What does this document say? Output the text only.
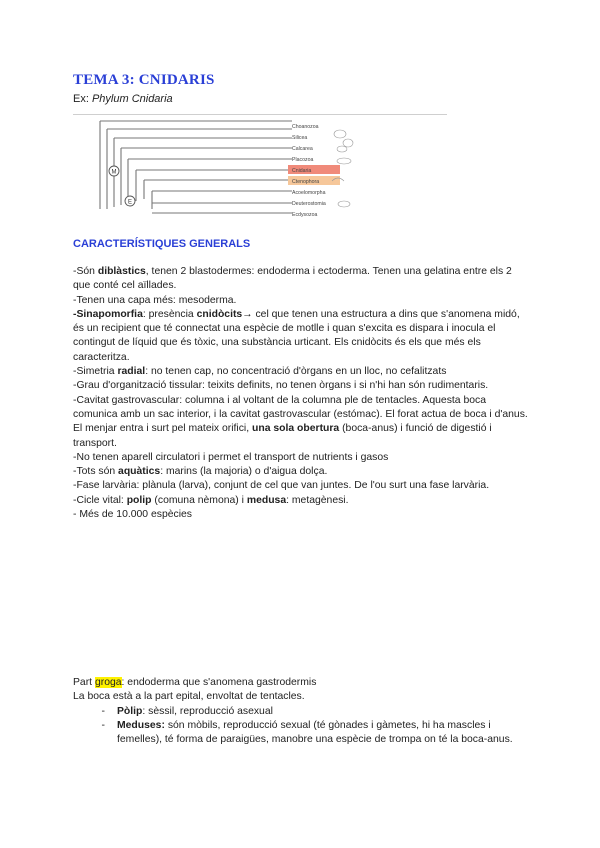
TEMA 3: CNIDARIS
Ex: Phylum Cnidaria
M
E
Choanozoa
Silicea
Calcarea
Placozoa
Cnidaria
Ctenophora
Acoelomorpha
Deuterostomia
Ecdysozoa
CARACTERÍSTIQUES GENERALS

-Són diblàstics, tenen 2 blastodermes: endoderma i ectoderma. Tenen una gelatina entre els 2 que conté cel aïllades.

-Tenen una capa més: mesoderma.

-Sinapomorfia: presència cnidòcits→ cel que tenen una estructura a dins que s'anomena midó, és un recipient que té connectat una espècie de motlle i quan s'excita es dispara i inocula el contingut de líquid que és tòxic, una substància urticant. Els cnidòcits és els que més els caracteritza.

-Simetria radial: no tenen cap, no concentració d'òrgans en un lloc, no cefalitzats

-Grau d'organització tissular: teixits definits, no tenen òrgans i si n'hi han són rudimentaris.

-Cavitat gastrovascular: columna i al voltant de la columna ple de tentacles. Aquesta boca comunica amb un sac interior, i la cavitat gastrovascular (estómac). El forat actua de boca i d'anus. El menjar entra i surt pel mateix orifici, una sola obertura (boca-anus) i funció de digestió i transport.

-No tenen aparell circulatori i permet el transport de nutrients i gasos

-Tots són aquàtics: marins (la majoria) o d'aigua dolça.

-Fase larvària: plànula (larva), conjunt de cel que van juntes. De l'ou surt una fase larvària.

-Cicle vital: polip (comuna nèmona) i medusa: metagènesi.

- Més de 10.000 espècies

Part groga: endoderma que s'anomena gastrodermis

La boca està a la part epital, envoltat de tentacles.

-	Pòlip: sèssil, reproducció asexual
-	Meduses: són mòbils, reproducció sexual (té gònades i gàmetes, hi ha mascles i femelles), té forma de paraigües, manobre una espècie de trompa on té la boca-anus.
